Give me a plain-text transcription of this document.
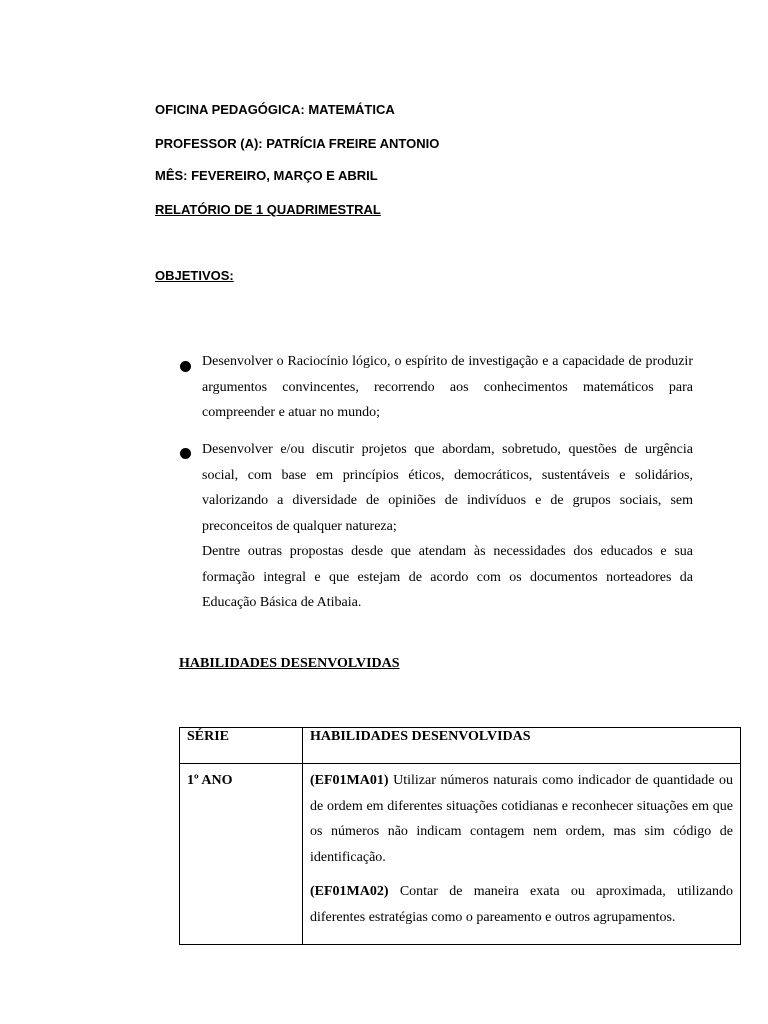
OFICINA PEDAGÓGICA: MATEMÁTICA
PROFESSOR (A): PATRÍCIA FREIRE ANTONIO
MÊS: FEVEREIRO, MARÇO E ABRIL
RELATÓRIO DE 1 QUADRIMESTRAL
OBJETIVOS:

Desenvolver o Raciocínio lógico, o espírito de investigação e a capacidade de produzir argumentos convincentes, recorrendo aos conhecimentos matemáticos para compreender e atuar no mundo;

Desenvolver e/ou discutir projetos que abordam, sobretudo, questões de urgência social, com base em princípios éticos, democráticos, sustentáveis e solidários, valorizando a diversidade de opiniões de indivíduos e de grupos sociais, sem preconceitos de qualquer natureza;

Dentre outras propostas desde que atendam às necessidades dos educados e sua formação integral e que estejam de acordo com os documentos norteadores da Educação Básica de Atibaia.

HABILIDADES DESENVOLVIDAS
SÉRIE	HABILIDADES DESENVOLVIDAS

1º ANO	(EF01MA01) Utilizar números naturais como indicador de quantidade ou de ordem em diferentes situações cotidianas e reconhecer situações em que os números não indicam contagem nem ordem, mas sim código de identificação.

(EF01MA02) Contar de maneira exata ou aproximada, utilizando diferentes estratégias como o pareamento e outros agrupamentos.
